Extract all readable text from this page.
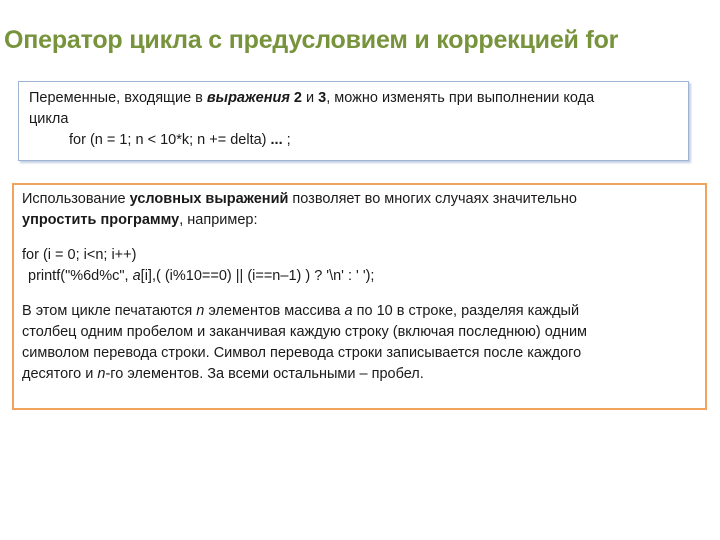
Оператор цикла с предусловием и коррекцией for
Переменные, входящие в выражения 2 и 3, можно изменять при выполнении кода
цикла
for (n = 1; n < 10*k; n += delta) ... ;
Использование условных выражений позволяет во многих случаях значительно
упростить программу, например:
for (i = 0; i<n; i++)
printf("%6d%c", a[i],( (i%10==0) || (i==n–1) ) ? '\n' : ' ');
В этом цикле печатаются n элементов массива a по 10 в строке, разделяя каждый
столбец одним пробелом и заканчивая каждую строку (включая последнюю) одним
символом перевода строки. Символ перевода строки записывается после каждого
десятого и n-го элементов. За всеми остальными – пробел.
